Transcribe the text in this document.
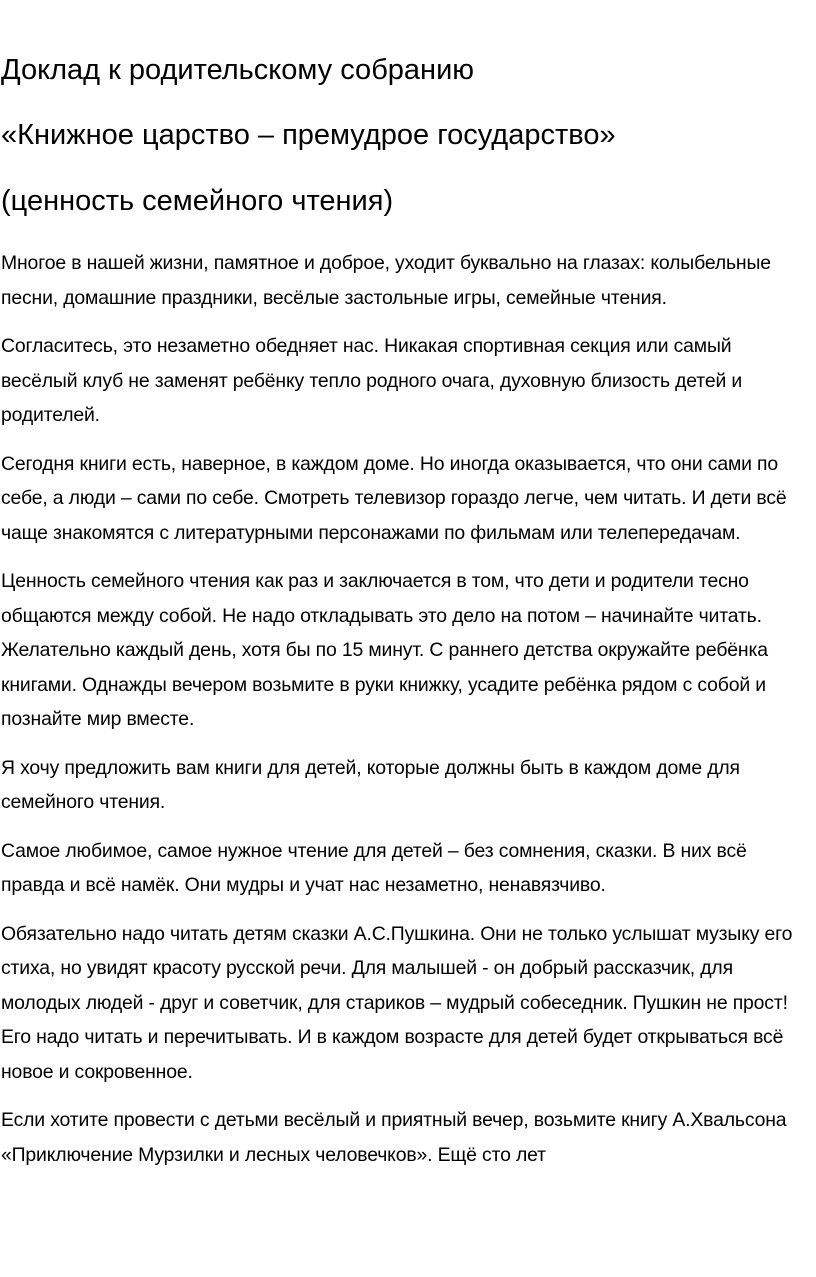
Доклад к родительскому собранию
«Книжное царство – премудрое государство»
(ценность семейного чтения)

Многое в нашей жизни, памятное и доброе, уходит буквально на глазах: колыбельные песни, домашние праздники, весёлые застольные игры, семейные чтения.

Согласитесь, это незаметно обедняет нас. Никакая спортивная секция или самый весёлый клуб не заменят ребёнку тепло родного очага, духовную близость детей и родителей.

Сегодня книги есть, наверное, в каждом доме. Но иногда оказывается, что они сами по себе, а люди – сами по себе. Смотреть телевизор гораздо легче, чем читать. И дети всё чаще знакомятся с литературными персонажами по фильмам или телепередачам.

Ценность семейного чтения как раз и заключается в том, что дети и родители тесно общаются между собой. Не надо откладывать это дело на потом – начинайте читать. Желательно каждый день, хотя бы по 15 минут. С раннего детства окружайте ребёнка книгами. Однажды вечером возьмите в руки книжку, усадите ребёнка рядом с собой и познайте мир вместе.

Я хочу предложить вам книги для детей, которые должны быть в каждом доме для семейного чтения.

Самое любимое, самое нужное чтение для детей – без сомнения, сказки. В них всё правда и всё намёк. Они мудры и учат нас незаметно, ненавязчиво.

Обязательно надо читать детям сказки А.С.Пушкина. Они не только услышат музыку его стиха, но увидят красоту русской речи. Для малышей - он добрый рассказчик, для молодых людей - друг и советчик, для стариков – мудрый собеседник. Пушкин не прост! Его надо читать и перечитывать. И в каждом возрасте для детей будет открываться всё новое и сокровенное.

Если хотите провести с детьми весёлый и приятный вечер, возьмите книгу А.Хвальсона «Приключение Мурзилки и лесных человечков». Ещё сто лет
